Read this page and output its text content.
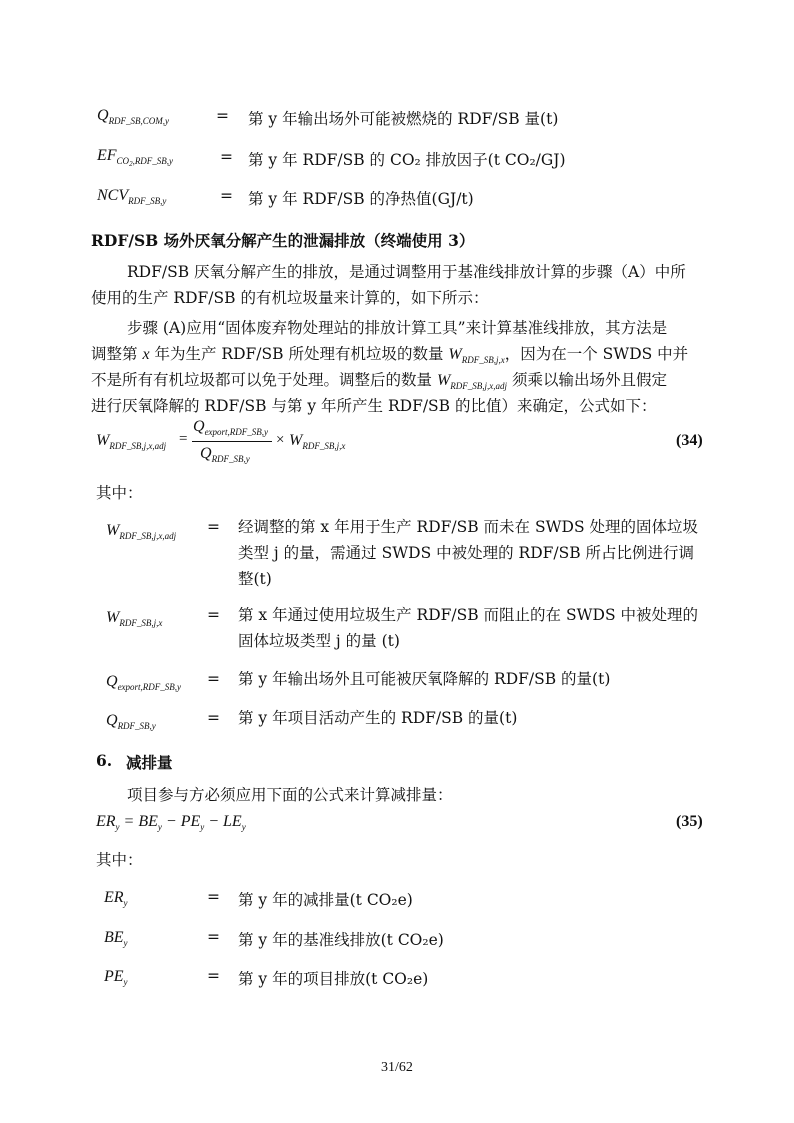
$Q_{RDF\_SB,COM,y}$	= 第 y 年输出场外可能被燃烧的 RDF/SB 量(t)
$EF_{CO_2,RDF\_SB,y}$	= 第 y 年 RDF/SB 的 CO₂ 排放因子(t CO₂/GJ)
$NCV_{RDF\_SB,y}$	= 第 y 年 RDF/SB 的净热值(GJ/t)
RDF/SB 场外厌氧分解产生的泄漏排放（终端使用 3）
RDF/SB 厌氧分解产生的排放，是通过调整用于基准线排放计算的步骤（A）中所
使用的生产 RDF/SB 的有机垃圾量来计算的，如下所示：
步骤 (A)应用“固体废弃物处理站的排放计算工具”来计算基准线排放，其方法是
调整第 x 年为生产 RDF/SB 所处理有机垃圾的数量 $W_{RDF\_SB,j,x}$，因为在一个 SWDS 中并
不是所有有机垃圾都可以免于处理。调整后的数量 $W_{RDF\_SB,j,x,adj}$ 须乘以输出场外且假定
进行厌氧降解的 RDF/SB 与第 y 年所产生 RDF/SB 的比值）来确定，公式如下：
$W_{RDF\_SB,j,x,adj}$ =
$Q_{export,RDF\_SB,y}$
$Q_{RDF\_SB,y}$
× $W_{RDF\_SB,j,x}$	(34)
其中：
$W_{RDF\_SB,j,x,adj}$ = 经调整的第 x 年用于生产 RDF/SB 而未在 SWDS 处理的固体垃圾
类型 j 的量，需通过 SWDS 中被处理的 RDF/SB 所占比例进行调
整(t)
$W_{RDF\_SB,j,x}$	= 第 x 年通过使用垃圾生产 RDF/SB 而阻止的在 SWDS 中被处理的
固体垃圾类型 j 的量 (t)
$Q_{export,RDF\_SB,y}$ = 第 y 年输出场外且可能被厌氧降解的 RDF/SB 的量(t)
$Q_{RDF\_SB,y}$	= 第 y 年项目活动产生的 RDF/SB 的量(t)
6. 减排量
项目参与方必须应用下面的公式来计算减排量：
$ER_y = BE_y - PE_y - LE_y$	(35)
其中：
$ER_y$	= 第 y 年的减排量(t CO₂e)
$BE_y$	= 第 y 年的基准线排放(t CO₂e)
$PE_y$	= 第 y 年的项目排放(t CO₂e)
31/62
